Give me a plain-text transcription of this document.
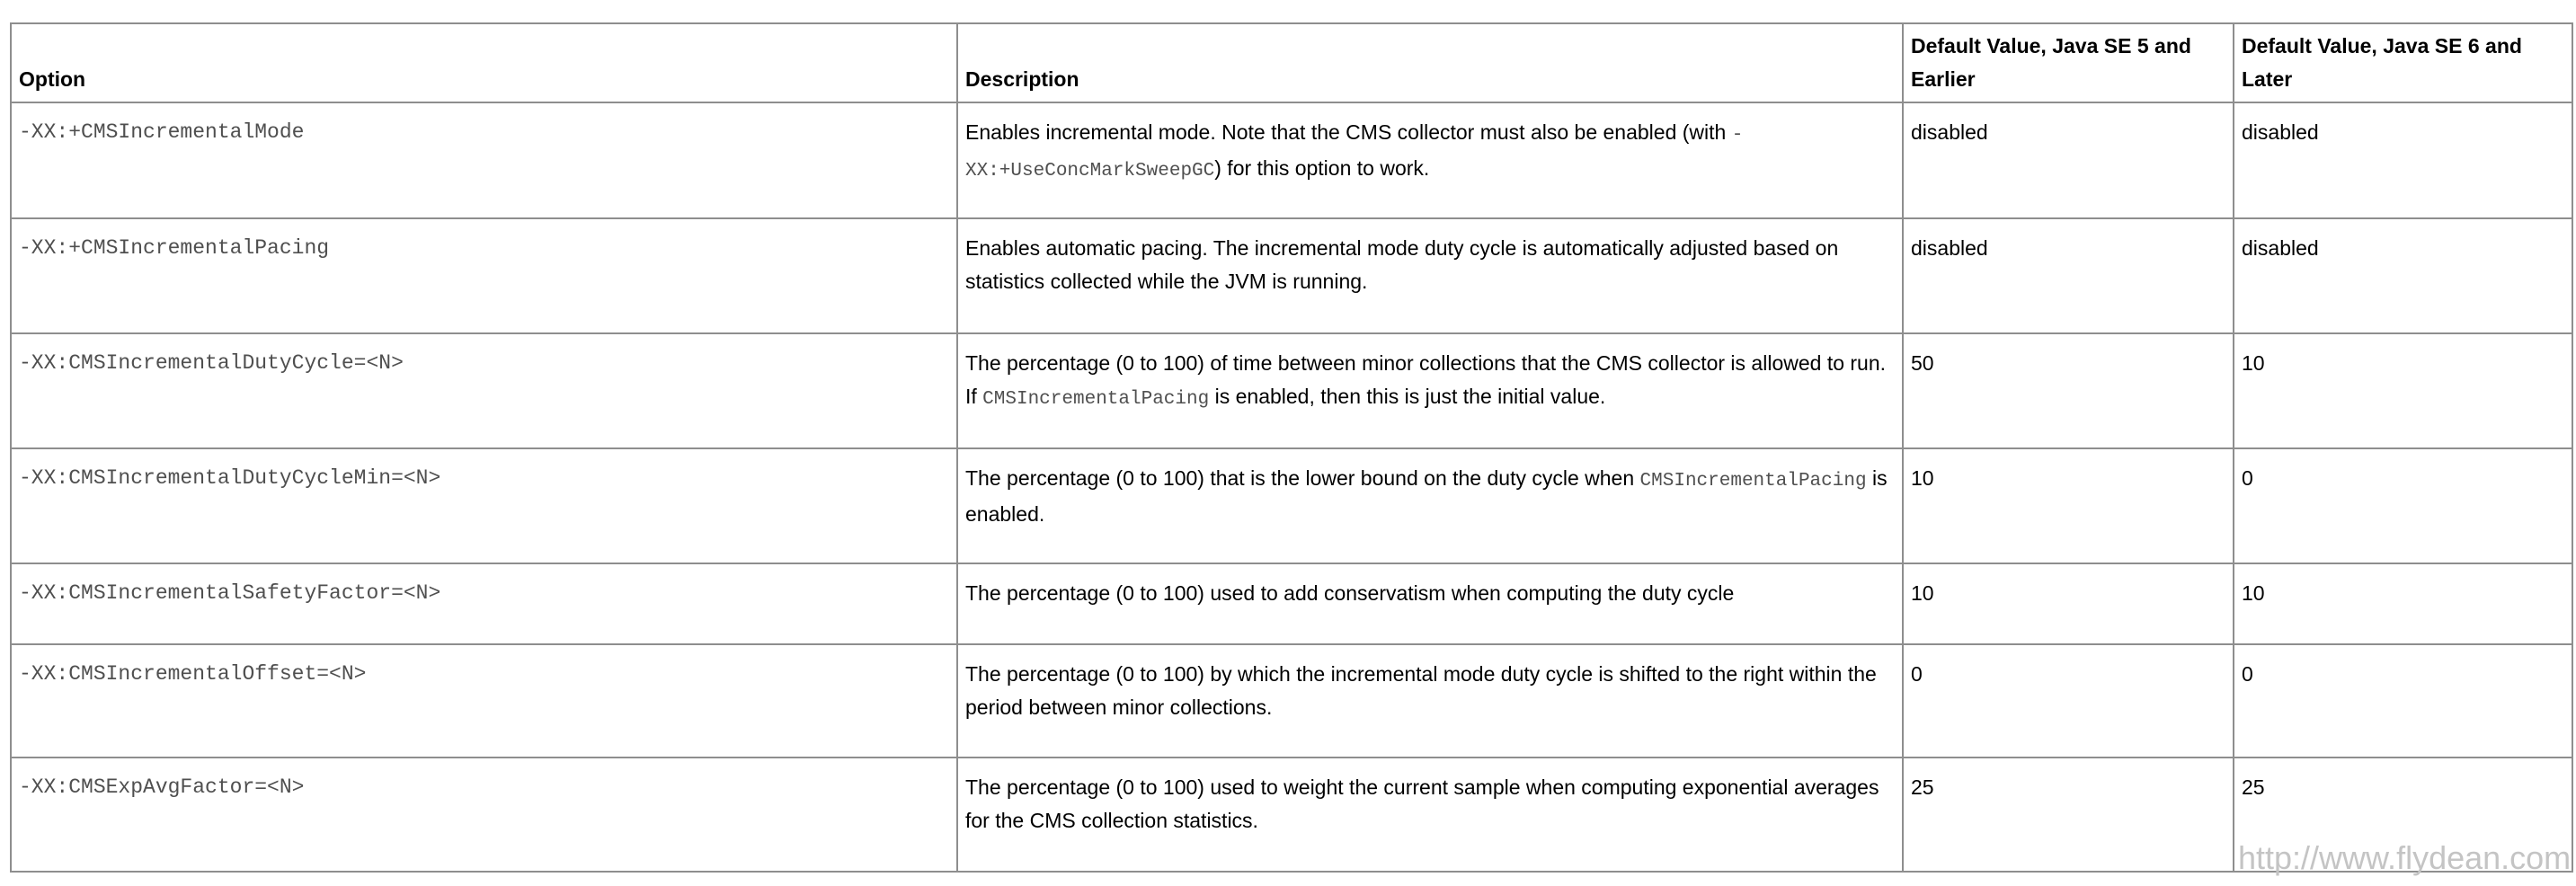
Option	Description	Default Value, Java SE 5 and Earlier	Default Value, Java SE 6 and Later
-XX:+CMSIncrementalMode	Enables incremental mode. Note that the CMS collector must also be enabled (with -XX:+UseConcMarkSweepGC) for this option to work.	disabled	disabled
-XX:+CMSIncrementalPacing	Enables automatic pacing. The incremental mode duty cycle is automatically adjusted based on statistics collected while the JVM is running.	disabled	disabled
-XX:CMSIncrementalDutyCycle=<N>	The percentage (0 to 100) of time between minor collections that the CMS collector is allowed to run. If CMSIncrementalPacing is enabled, then this is just the initial value.	50	10
-XX:CMSIncrementalDutyCycleMin=<N>	The percentage (0 to 100) that is the lower bound on the duty cycle when CMSIncrementalPacing is enabled.	10	0
-XX:CMSIncrementalSafetyFactor=<N>	The percentage (0 to 100) used to add conservatism when computing the duty cycle	10	10
-XX:CMSIncrementalOffset=<N>	The percentage (0 to 100) by which the incremental mode duty cycle is shifted to the right within the period between minor collections.	0	0
-XX:CMSExpAvgFactor=<N>	The percentage (0 to 100) used to weight the current sample when computing exponential averages for the CMS collection statistics.	25	25
http://www.flydean.com
